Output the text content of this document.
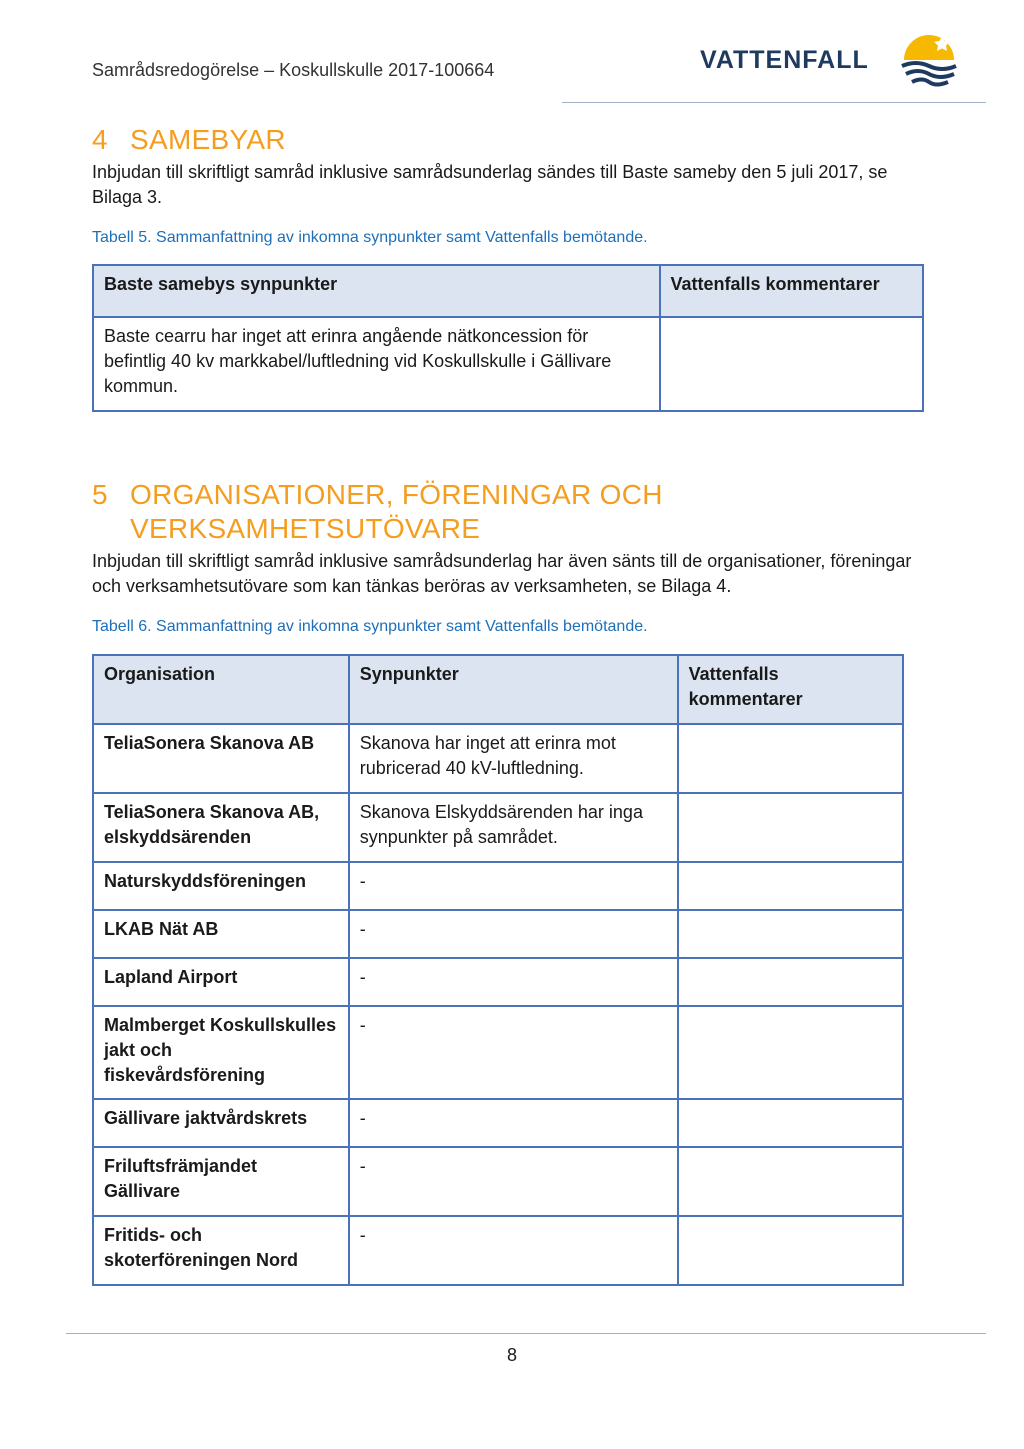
Samrådsredogörelse – Koskullskulle 2017-100664	VATTENFALL
4 SAMEBYAR
Inbjudan till skriftligt samråd inklusive samrådsunderlag sändes till Baste sameby den 5 juli 2017, se Bilaga 3.
Tabell 5. Sammanfattning av inkomna synpunkter samt Vattenfalls bemötande.
Baste samebys synpunkter	Vattenfalls kommentarer
Baste cearru har inget att erinra angående nätkoncession för befintlig 40 kv markkabel/luftledning vid Koskullskulle i Gällivare kommun.	
5 ORGANISATIONER, FÖRENINGAR OCH
VERKSAMHETSUTÖVARE
Inbjudan till skriftligt samråd inklusive samrådsunderlag har även sänts till de organisationer, föreningar och verksamhetsutövare som kan tänkas beröras av verksamheten, se Bilaga 4.
Tabell 6. Sammanfattning av inkomna synpunkter samt Vattenfalls bemötande.
Organisation	Synpunkter	Vattenfalls kommentarer
TeliaSonera Skanova AB	Skanova har inget att erinra mot rubricerad 40 kV-luftledning.	
TeliaSonera Skanova AB, elskyddsärenden	Skanova Elskyddsärenden har inga synpunkter på samrådet.	
Naturskyddsföreningen	-	
LKAB Nät AB	-	
Lapland Airport	-	
Malmberget Koskullskulles jakt och fiskevårdsförening	-	
Gällivare jaktvårdskrets	-	
Friluftsfrämjandet Gällivare	-	
Fritids- och skoterföreningen Nord	-	
8
